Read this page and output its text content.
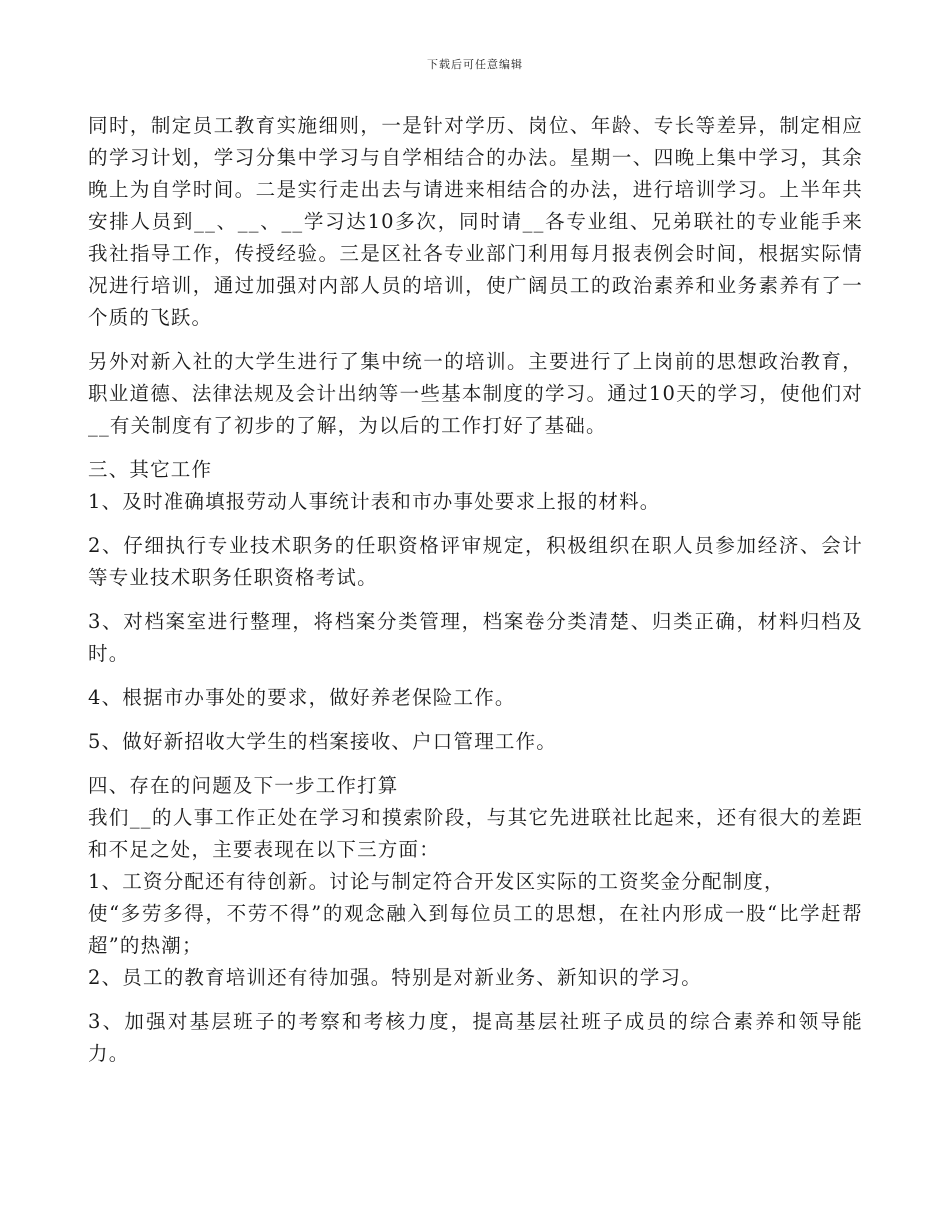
下载后可任意编辑

同时，制定员工教育实施细则，一是针对学历、岗位、年龄、专长等差异，制定相应的学习计划，学习分集中学习与自学相结合的办法。星期一、四晚上集中学习，其余晚上为自学时间。二是实行走出去与请进来相结合的办法，进行培训学习。上半年共安排人员到__、__、__学习达10多次，同时请__各专业组、兄弟联社的专业能手来我社指导工作，传授经验。三是区社各专业部门利用每月报表例会时间，根据实际情况进行培训，通过加强对内部人员的培训，使广阔员工的政治素养和业务素养有了一个质的飞跃。

另外对新入社的大学生进行了集中统一的培训。主要进行了上岗前的思想政治教育，职业道德、法律法规及会计出纳等一些基本制度的学习。通过10天的学习，使他们对__有关制度有了初步的了解，为以后的工作打好了基础。

三、其它工作

1、及时准确填报劳动人事统计表和市办事处要求上报的材料。

2、仔细执行专业技术职务的任职资格评审规定，积极组织在职人员参加经济、会计等专业技术职务任职资格考试。

3、对档案室进行整理，将档案分类管理，档案卷分类清楚、归类正确，材料归档及时。

4、根据市办事处的要求，做好养老保险工作。

5、做好新招收大学生的档案接收、户口管理工作。

四、存在的问题及下一步工作打算

我们__的人事工作正处在学习和摸索阶段，与其它先进联社比起来，还有很大的差距和不足之处，主要表现在以下三方面：

1、工资分配还有待创新。讨论与制定符合开发区实际的工资奖金分配制度，

使“多劳多得，不劳不得”的观念融入到每位员工的思想，在社内形成一股“比学赶帮超”的热潮；

2、员工的教育培训还有待加强。特别是对新业务、新知识的学习。

3、加强对基层班子的考察和考核力度，提高基层社班子成员的综合素养和领导能力。
